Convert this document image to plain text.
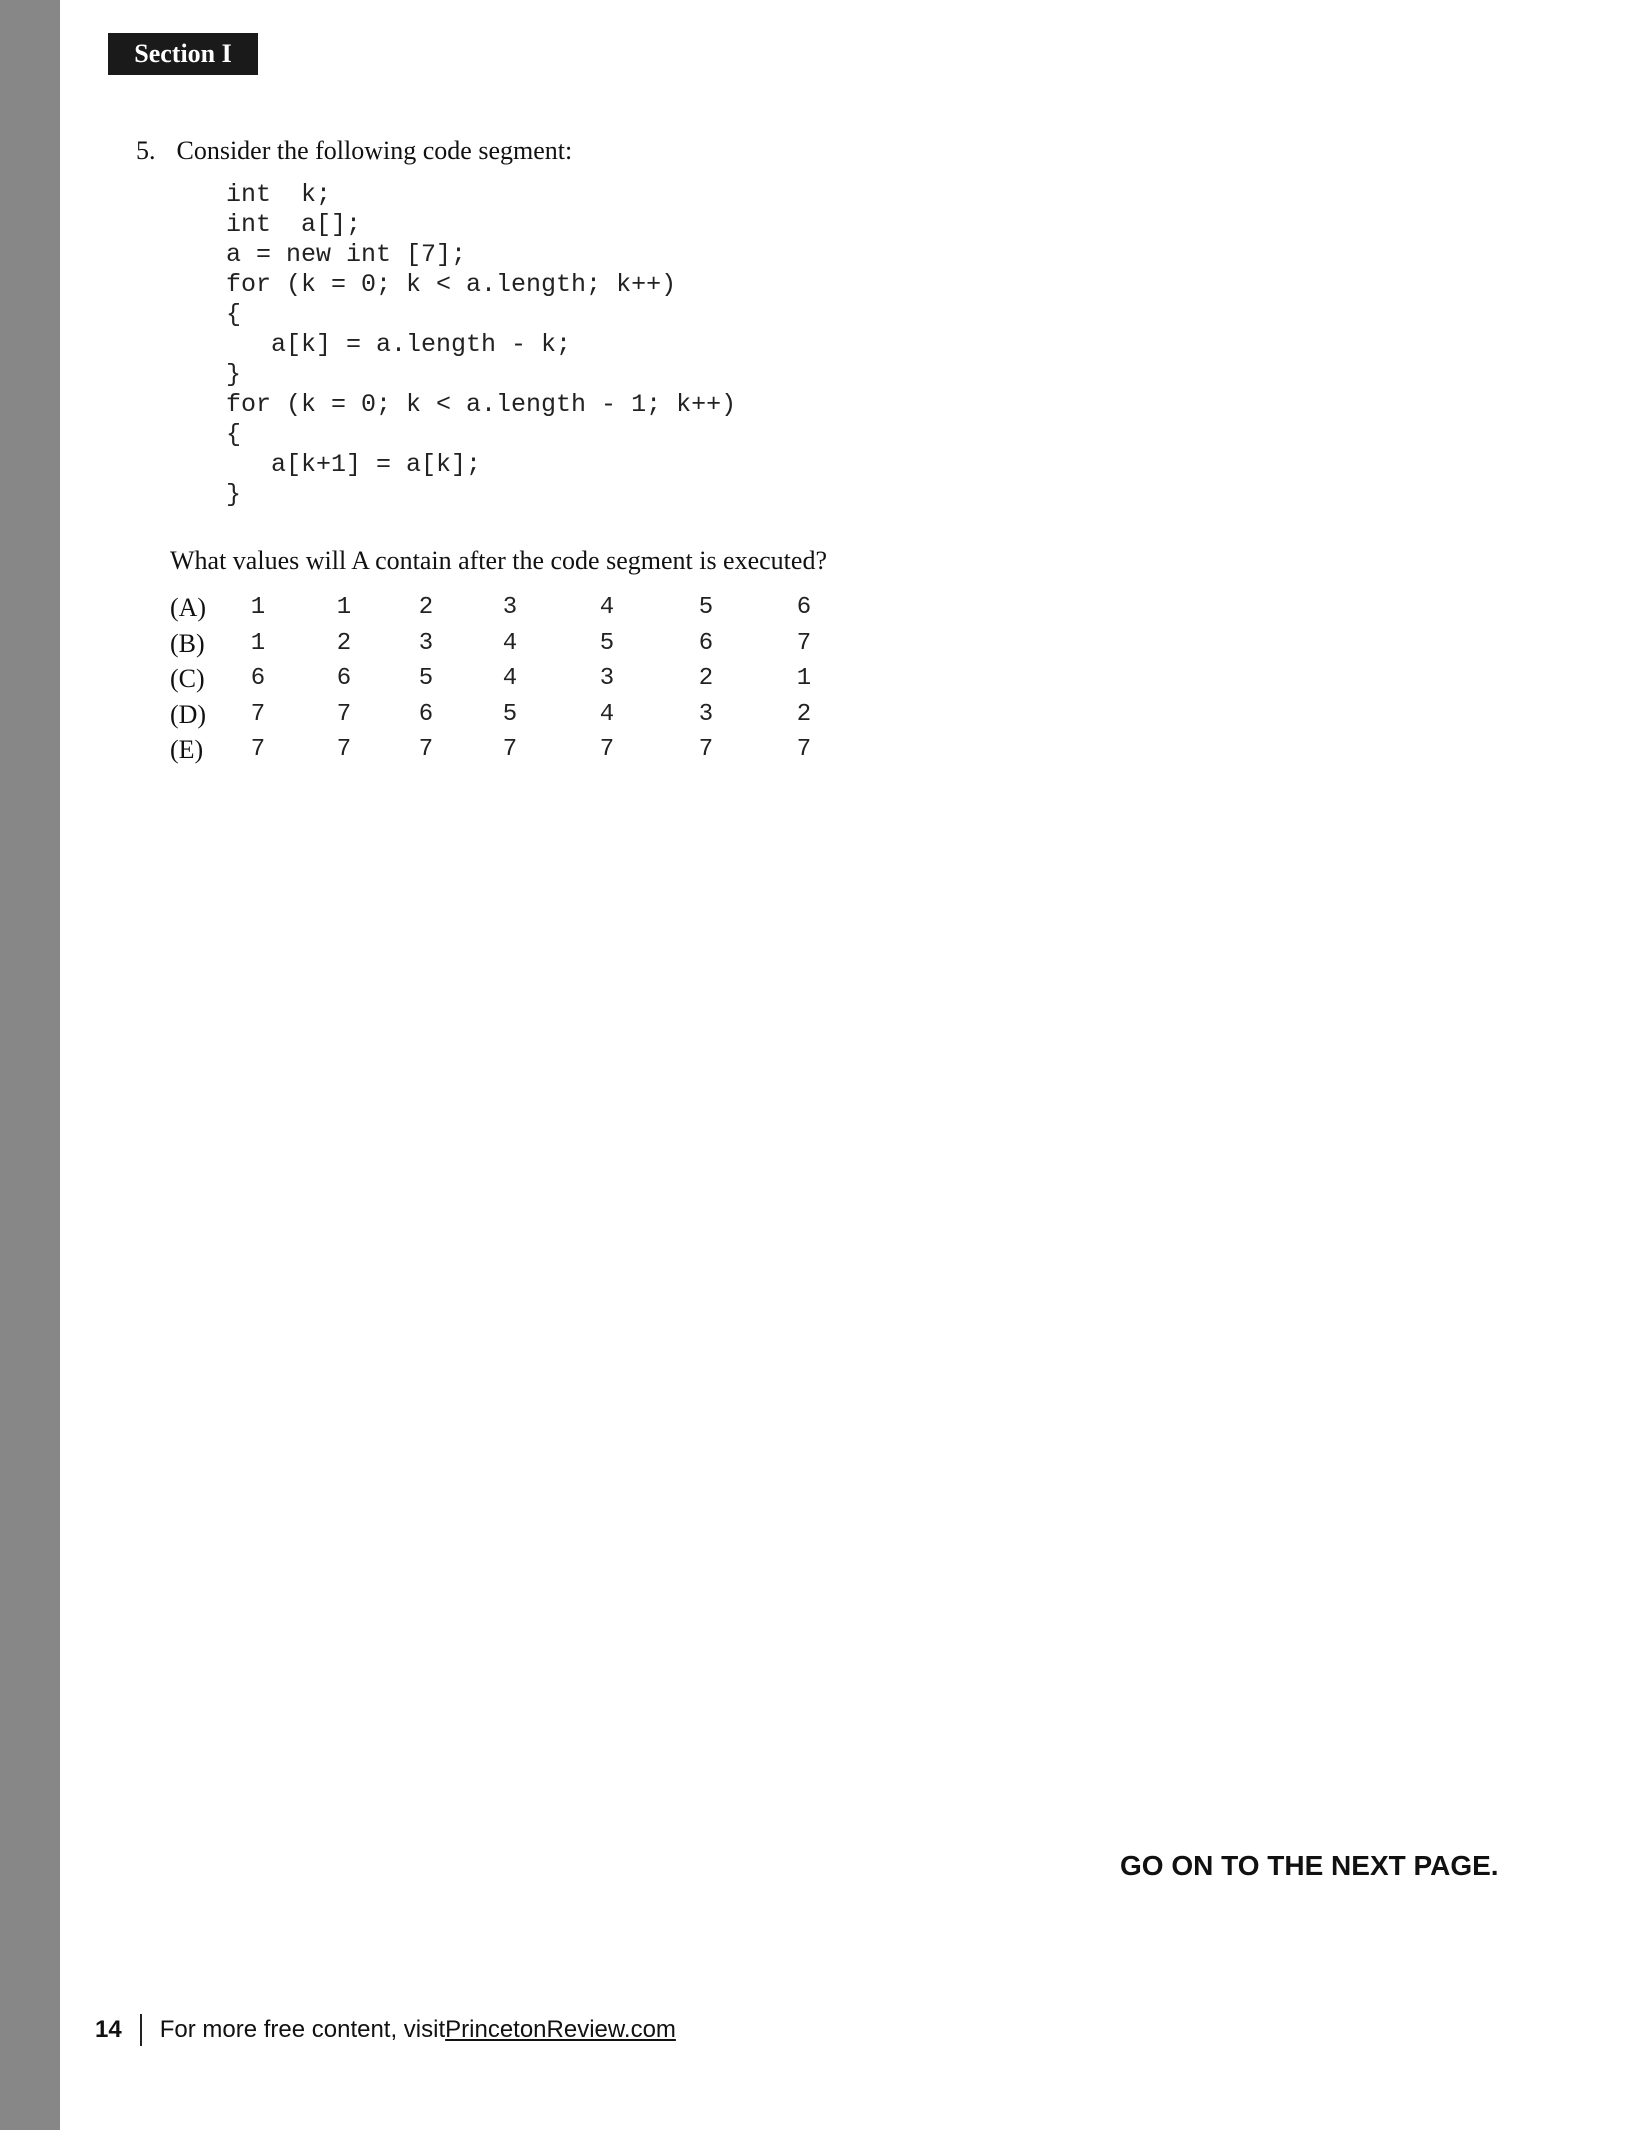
Section I
5. Consider the following code segment:
int  k;
int  a[];
a = new int [7];
for (k = 0; k < a.length; k++)
{
a[k] = a.length - k;
}
for (k = 0; k < a.length - 1; k++)
{
a[k+1] = a[k];
}
What values will A contain after the code segment is executed?
(A)	1	1	2	3	4	5	6
(B)	1	2	3	4	5	6	7
(C)	6	6	5	4	3	2	1
(D)	7	7	6	5	4	3	2
(E)	7	7	7	7	7	7	7
GO ON TO THE NEXT PAGE.
14 For more free content, visit PrincetonReview.com
